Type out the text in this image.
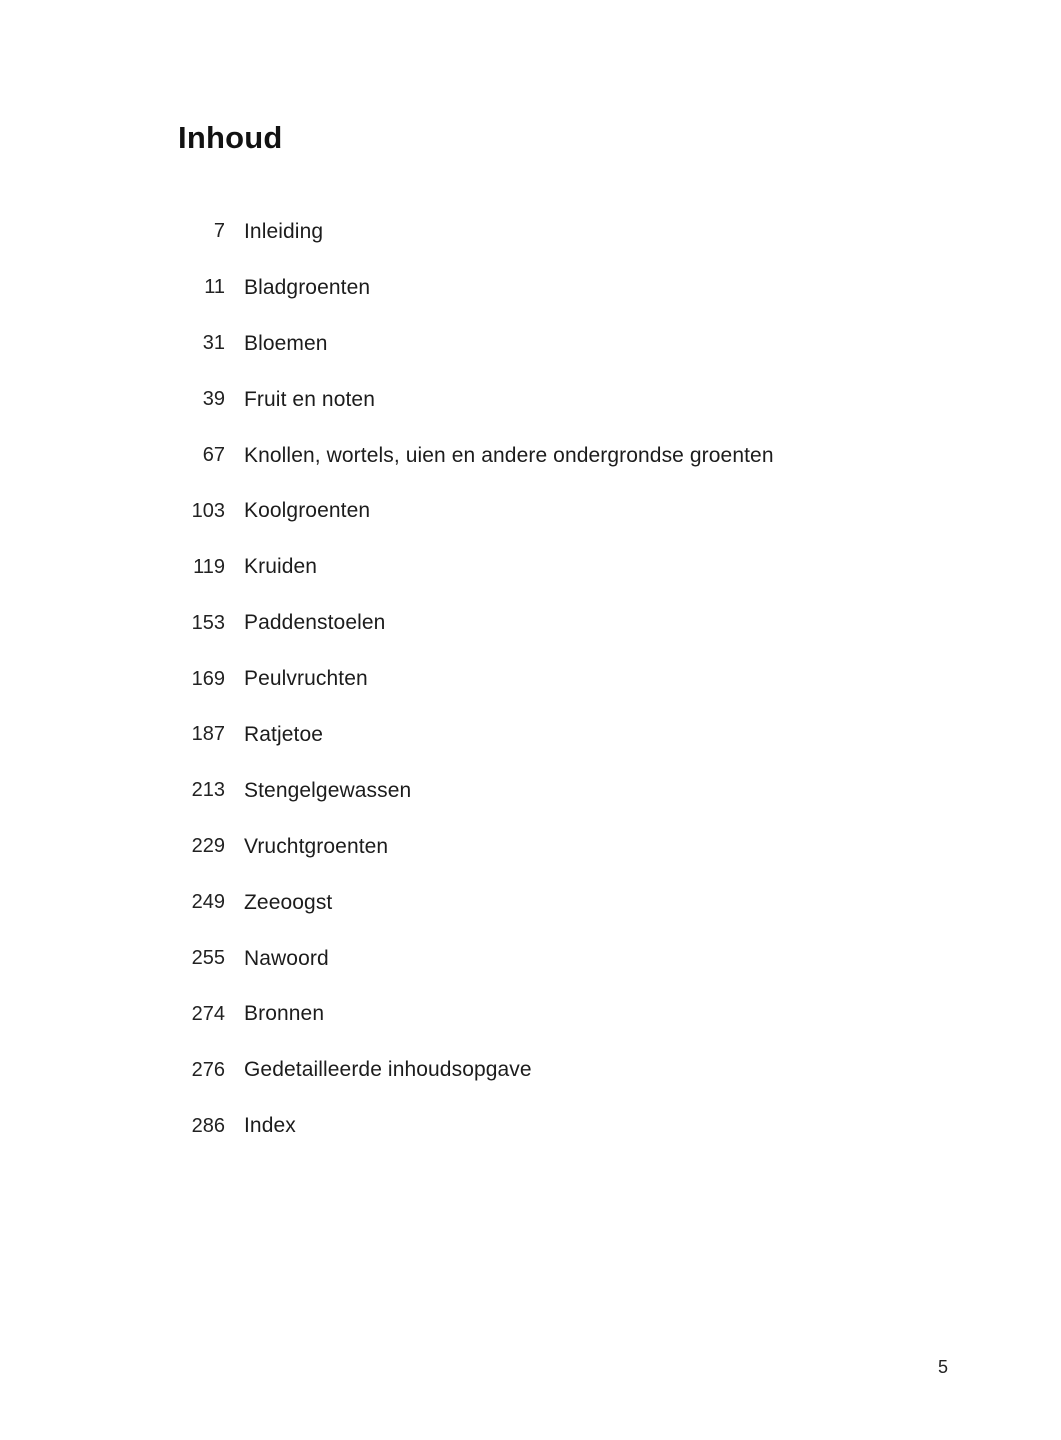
Inhoud
7 Inleiding
11 Bladgroenten
31 Bloemen
39 Fruit en noten
67 Knollen, wortels, uien en andere ondergrondse groenten
103 Koolgroenten
119 Kruiden
153 Paddenstoelen
169 Peulvruchten
187 Ratjetoe
213 Stengelgewassen
229 Vruchtgroenten
249 Zeeoogst
255 Nawoord
274 Bronnen
276 Gedetailleerde inhoudsopgave
286 Index
5
